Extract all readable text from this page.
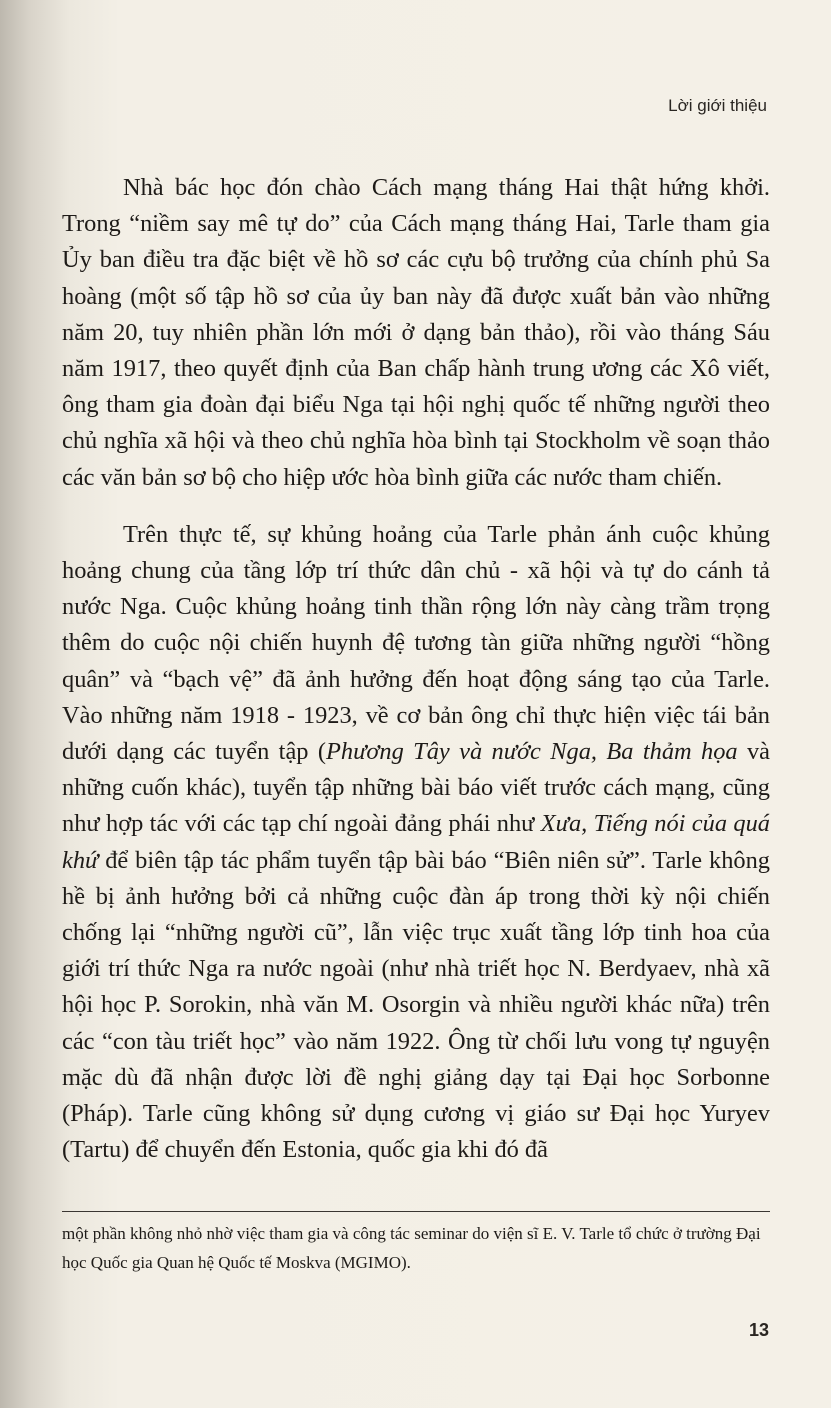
Lời giới thiệu

Nhà bác học đón chào Cách mạng tháng Hai thật hứng khởi. Trong “niềm say mê tự do” của Cách mạng tháng Hai, Tarle tham gia Ủy ban điều tra đặc biệt về hồ sơ các cựu bộ trưởng của chính phủ Sa hoàng (một số tập hồ sơ của ủy ban này đã được xuất bản vào những năm 20, tuy nhiên phần lớn mới ở dạng bản thảo), rồi vào tháng Sáu năm 1917, theo quyết định của Ban chấp hành trung ương các Xô viết, ông tham gia đoàn đại biểu Nga tại hội nghị quốc tế những người theo chủ nghĩa xã hội và theo chủ nghĩa hòa bình tại Stockholm về soạn thảo các văn bản sơ bộ cho hiệp ước hòa bình giữa các nước tham chiến.

Trên thực tế, sự khủng hoảng của Tarle phản ánh cuộc khủng hoảng chung của tầng lớp trí thức dân chủ - xã hội và tự do cánh tả nước Nga. Cuộc khủng hoảng tinh thần rộng lớn này càng trầm trọng thêm do cuộc nội chiến huynh đệ tương tàn giữa những người “hồng quân” và “bạch vệ” đã ảnh hưởng đến hoạt động sáng tạo của Tarle. Vào những năm 1918 - 1923, về cơ bản ông chỉ thực hiện việc tái bản dưới dạng các tuyển tập (Phương Tây và nước Nga, Ba thảm họa và những cuốn khác), tuyển tập những bài báo viết trước cách mạng, cũng như hợp tác với các tạp chí ngoài đảng phái như Xưa, Tiếng nói của quá khứ để biên tập tác phẩm tuyển tập bài báo “Biên niên sử”. Tarle không hề bị ảnh hưởng bởi cả những cuộc đàn áp trong thời kỳ nội chiến chống lại “những người cũ”, lẫn việc trục xuất tầng lớp tinh hoa của giới trí thức Nga ra nước ngoài (như nhà triết học N. Berdyaev, nhà xã hội học P. Sorokin, nhà văn M. Osorgin và nhiều người khác nữa) trên các “con tàu triết học” vào năm 1922. Ông từ chối lưu vong tự nguyện mặc dù đã nhận được lời đề nghị giảng dạy tại Đại học Sorbonne (Pháp). Tarle cũng không sử dụng cương vị giáo sư Đại học Yuryev (Tartu) để chuyển đến Estonia, quốc gia khi đó đã

một phần không nhỏ nhờ việc tham gia và công tác seminar do viện sĩ E. V. Tarle tổ chức ở trường Đại học Quốc gia Quan hệ Quốc tế Moskva (MGIMO).

13
